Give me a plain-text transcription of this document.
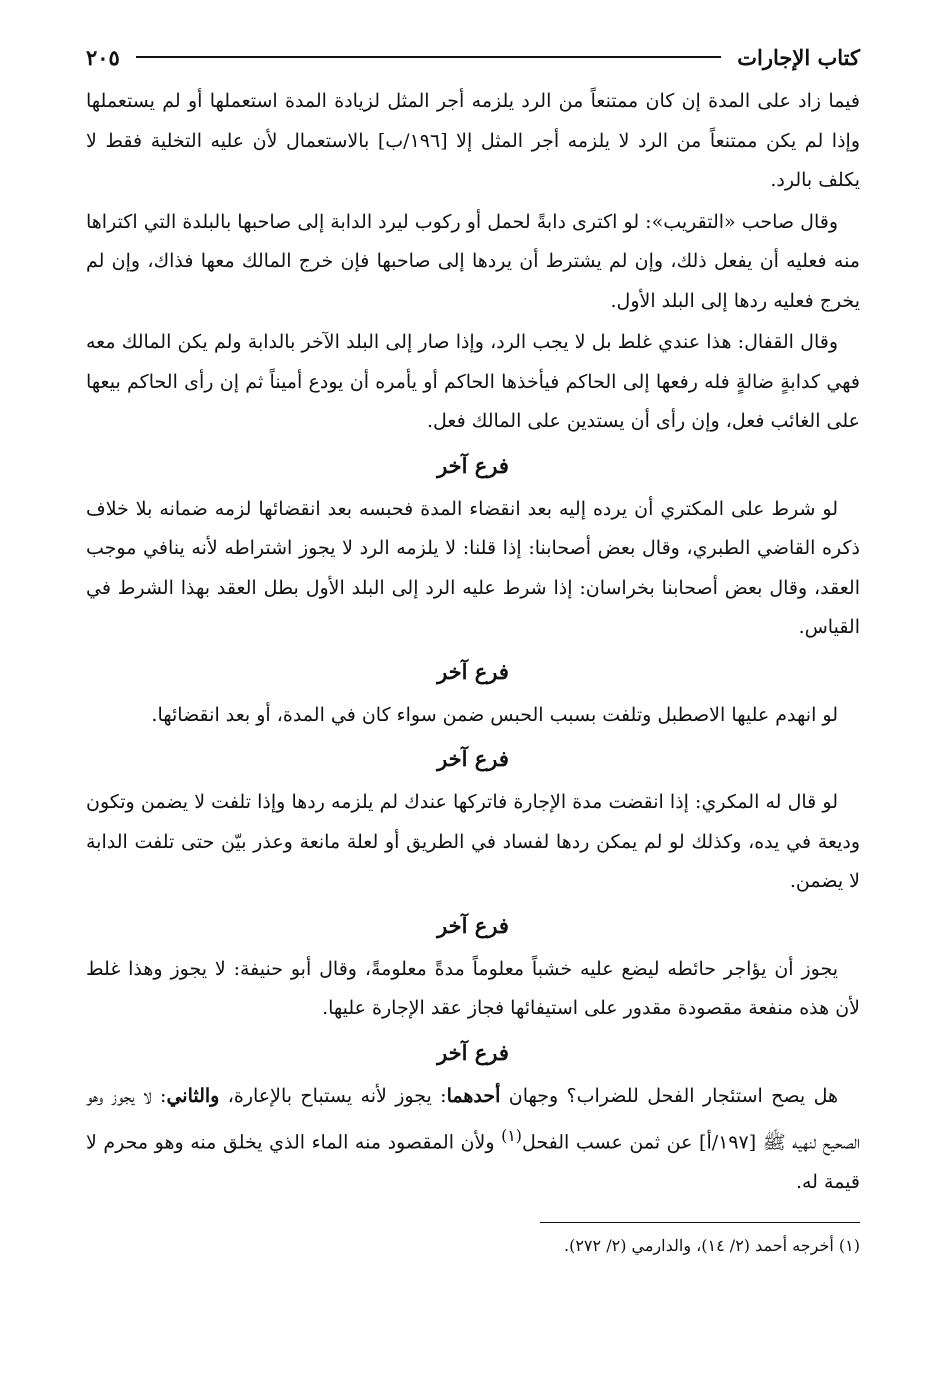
كتاب الإجارات
٢٠٥

فيما زاد على المدة إن كان ممتنعاً من الرد يلزمه أجر المثل لزيادة المدة استعملها أو لم يستعملها وإذا لم يكن ممتنعاً من الرد لا يلزمه أجر المثل إلا [١٩٦/ب] بالاستعمال لأن عليه التخلية فقط لا يكلف بالرد.

وقال صاحب «التقريب»: لو اكترى دابةً لحمل أو ركوب ليرد الدابة إلى صاحبها بالبلدة التي اكتراها منه فعليه أن يفعل ذلك، وإن لم يشترط أن يردها إلى صاحبها فإن خرج المالك معها فذاك، وإن لم يخرج فعليه ردها إلى البلد الأول.

وقال القفال: هذا عندي غلط بل لا يجب الرد، وإذا صار إلى البلد الآخر بالدابة ولم يكن المالك معه فهي كدابةٍ ضالةٍ فله رفعها إلى الحاكم فيأخذها الحاكم أو يأمره أن يودع أميناً ثم إن رأى الحاكم بيعها على الغائب فعل، وإن رأى أن يستدين على المالك فعل.

فرع آخر

لو شرط على المكتري أن يرده إليه بعد انقضاء المدة فحبسه بعد انقضائها لزمه ضمانه بلا خلاف ذكره القاضي الطبري، وقال بعض أصحابنا: إذا قلنا: لا يلزمه الرد لا يجوز اشتراطه لأنه ينافي موجب العقد، وقال بعض أصحابنا بخراسان: إذا شرط عليه الرد إلى البلد الأول بطل العقد بهذا الشرط في القياس.

فرع آخر

لو انهدم عليها الاصطبل وتلفت بسبب الحبس ضمن سواء كان في المدة، أو بعد انقضائها.

فرع آخر

لو قال له المكري: إذا انقضت مدة الإجارة فاتركها عندك لم يلزمه ردها وإذا تلفت لا يضمن وتكون وديعة في يده، وكذلك لو لم يمكن ردها لفساد في الطريق أو لعلة مانعة وعذر بيّن حتى تلفت الدابة لا يضمن.

فرع آخر

يجوز أن يؤاجر حائطه ليضع عليه خشباً معلوماً مدةً معلومةً، وقال أبو حنيفة: لا يجوز وهذا غلط لأن هذه منفعة مقصودة مقدور على استيفائها فجاز عقد الإجارة عليها.

فرع آخر

هل يصح استئجار الفحل للضراب؟ وجهان أحدهما: يجوز لأنه يستباح بالإعارة، والثاني: لا يجوز وهو الصحيح لنهيه ﷺ [١٩٧/أ] عن ثمن عسب الفحل$^{(١)}$ ولأن المقصود منه الماء الذي يخلق منه وهو محرم لا قيمة له.

(١) أخرجه أحمد (٢/ ١٤)، والدارمي (٢/ ٢٧٢).
